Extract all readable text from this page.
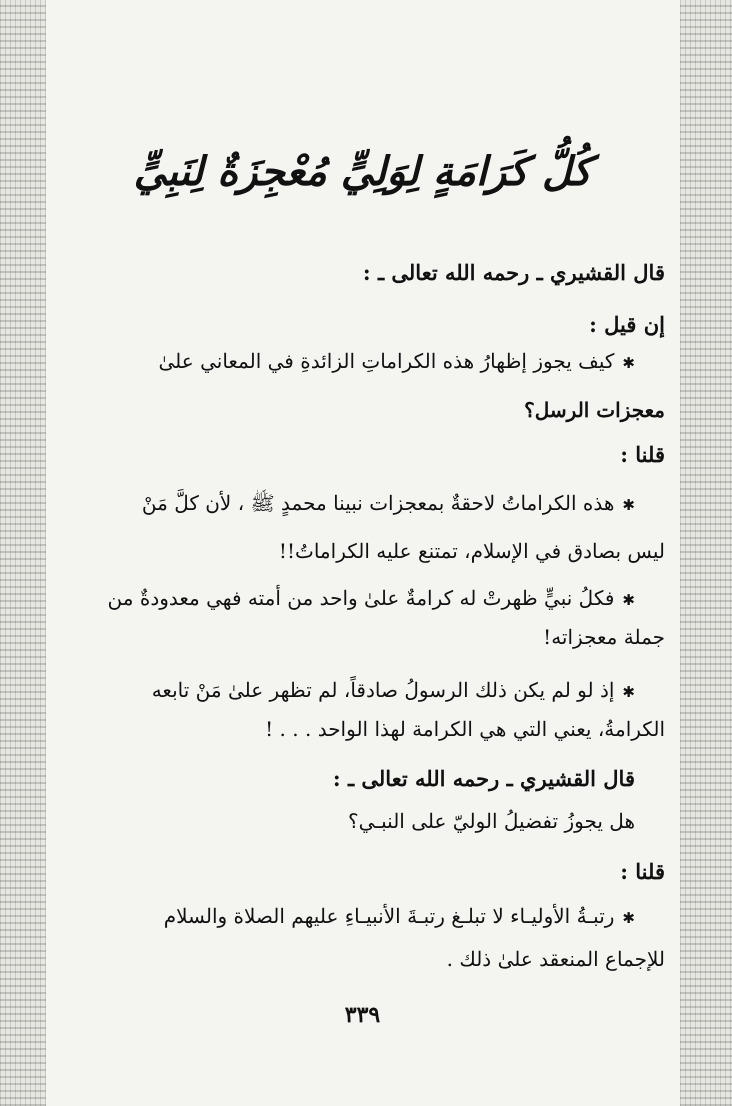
كُلُّ كَرَامَةٍ لِوَلِيٍّ مُعْجِزَةٌ لِنَبِيٍّ
قال القشيري ـ رحمه الله تعالى ـ :
إن قيل :
✱كيف يجوز إظهارُ هذه الكراماتِ الزائدةِ في المعاني علىٰ
معجزات الرسل؟
قلنا :
✱هذه الكراماتُ لاحقةٌ بمعجزات نبينا محمدٍ ﷺ ، لأن كلَّ مَنْ
ليس بصادق في الإسلام، تمتنع عليه الكراماتُ!!
✱فكلُ نبيٍّ ظهرتْ له كرامةٌ علىٰ واحد من أمته فهي معدودةٌ من
جملة معجزاته!
✱إذ لو لم يكن ذلك الرسولُ صادقاً، لم تظهر علىٰ مَنْ تابعه
الكرامةُ، يعني التي هي الكرامة لهذا الواحد . . . !
قال القشيري ـ رحمه الله تعالى ـ :
هل يجوزُ تفضيلُ الوليّ على النبـي؟
قلنا :
✱رتبـةُ الأوليـاء لا تبلـغ رتبـةَ الأنبيـاءِ عليهم الصلاة والسلام
للإجماع المنعقد علىٰ ذلك .
٣٣٩
